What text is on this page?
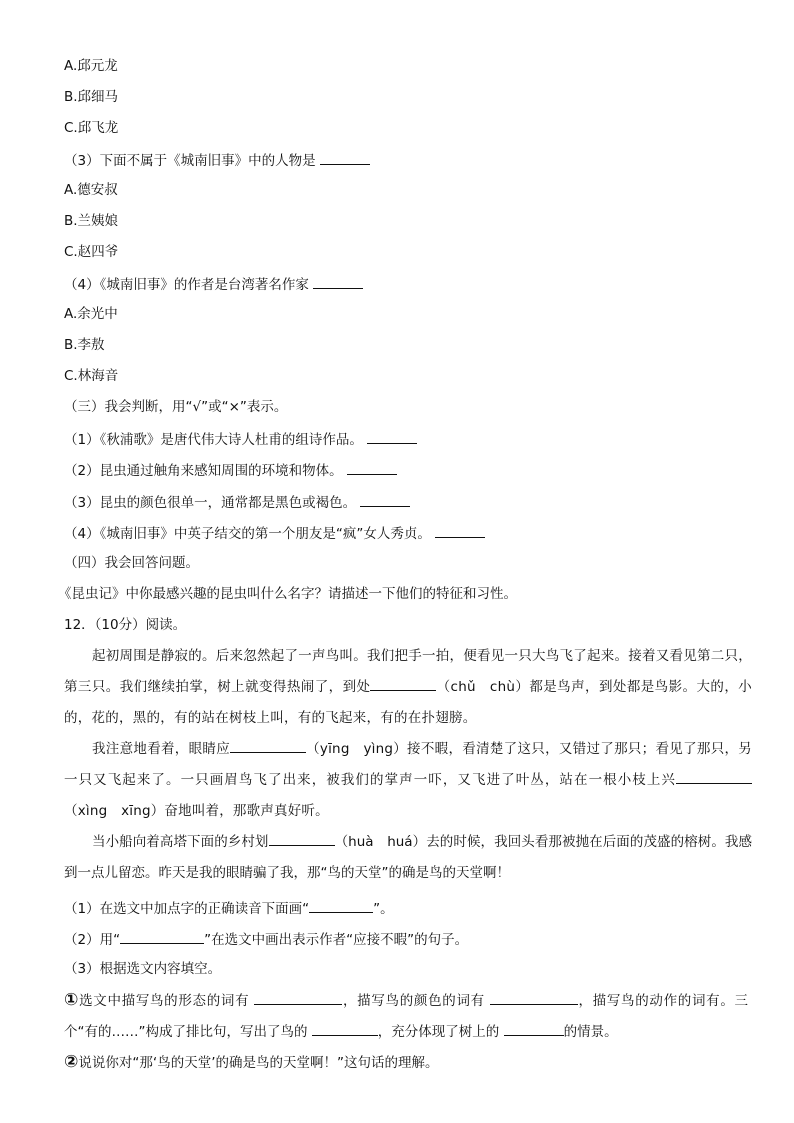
A.邱元龙
B.邱细马
C.邱飞龙
（3）下面不属于《城南旧事》中的人物是
A.德安叔
B.兰姨娘
C.赵四爷
（4）《城南旧事》的作者是台湾著名作家
A.余光中
B.李敖
C.林海音
（三）我会判断，用“√”或“×”表示。
（1）《秋浦歌》是唐代伟大诗人杜甫的组诗作品。
（2）昆虫通过触角来感知周围的环境和物体。
（3）昆虫的颜色很单一，通常都是黑色或褐色。
（4）《城南旧事》中英子结交的第一个朋友是“疯”女人秀贞。
（四）我会回答问题。
《昆虫记》中你最感兴趣的昆虫叫什么名字？请描述一下他们的特征和习性。
12．（10分）阅读。
起初周围是静寂的。后来忽然起了一声鸟叫。我们把手一拍，便看见一只大鸟飞了起来。接着又看见第二只，第三只。我们继续拍掌，树上就变得热闹了，到处	（chǔ　chù）都是鸟声，到处都是鸟影。大的，小的，花的，黑的，有的站在树枝上叫，有的飞起来，有的在扑翅膀。
我注意地看着，眼睛应	（yīng　yìng）接不暇，看清楚了这只，又错过了那只；看见了那只，另一只又飞起来了。一只画眉鸟飞了出来，被我们的掌声一吓，又飞进了叶丛，站在一根小枝上兴（xìng　xīng）奋地叫着，那歌声真好听。
当小船向着高塔下面的乡村划	（huà　huá）去的时候，我回头看那被抛在后面的茂盛的榕树。我感到一点儿留恋。昨天是我的眼睛骗了我，那“鸟的天堂”的确是鸟的天堂啊！
（1）在选文中加点字的正确读音下面画“	”。
（2）用“	”在选文中画出表示作者“应接不暇”的句子。
（3）根据选文内容填空。
①选文中描写鸟的形态的词有	，描写鸟的颜色的词有	，描写鸟的动作的词有。三个“有的……”构成了排比句，写出了鸟的	，充分体现了树上的	的情景。
②说说你对“那‘鸟的天堂’的确是鸟的天堂啊！”这句话的理解。
